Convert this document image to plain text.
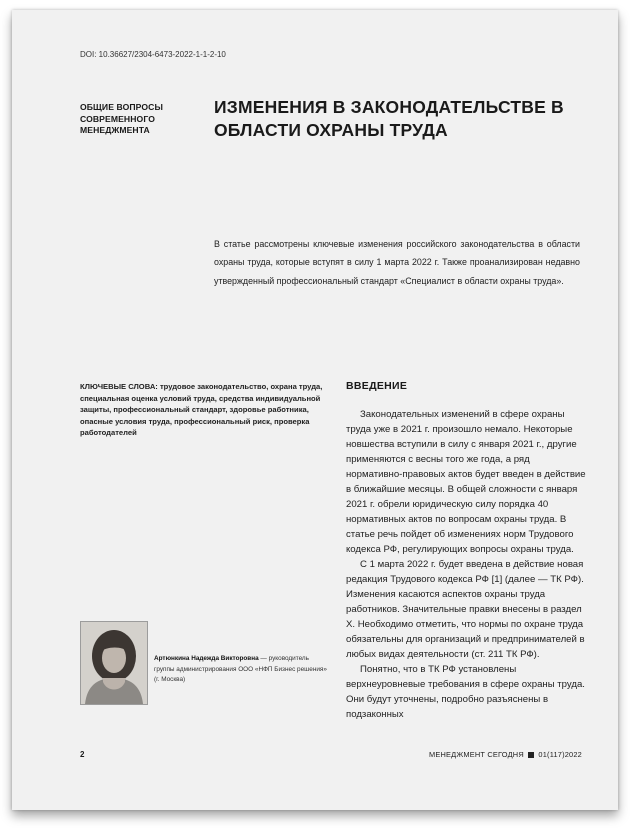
DOI: 10.36627/2304-6473-2022-1-1-2-10
ОБЩИЕ ВОПРОСЫ СОВРЕМЕННОГО МЕНЕДЖМЕНТА
ИЗМЕНЕНИЯ В ЗАКОНОДАТЕЛЬСТВЕ В ОБЛАСТИ ОХРАНЫ ТРУДА
В статье рассмотрены ключевые изменения российского законодательства в области охраны труда, которые вступят в силу 1 марта 2022 г. Также проанализирован недавно утвержденный профессиональный стандарт «Специалист в области охраны труда».
КЛЮЧЕВЫЕ СЛОВА: трудовое законодательство, охрана труда, специальная оценка условий труда, средства индивидуальной защиты, профессиональный стандарт, здоровье работника, опасные условия труда, профессиональный риск, проверка работодателей
ВВЕДЕНИЕ

Законодательных изменений в сфере охраны труда уже в 2021 г. произошло немало. Некоторые новшества вступили в силу с января 2021 г., другие применяются с весны того же года, а ряд нормативно-правовых актов будет введен в действие в ближайшие месяцы. В общей сложности с января 2021 г. обрели юридическую силу порядка 40 нормативных актов по вопросам охраны труда. В статье речь пойдет об изменениях норм Трудового кодекса РФ, регулирующих вопросы охраны труда.

С 1 марта 2022 г. будет введена в действие новая редакция Трудового кодекса РФ [1] (далее — ТК РФ). Изменения касаются аспектов охраны труда работников. Значительные правки внесены в раздел X. Необходимо отметить, что нормы по охране труда обязательны для организаций и предпринимателей в любых видах деятельности (ст. 211 ТК РФ).

Понятно, что в ТК РФ установлены верхнеуровневые требования в сфере охраны труда. Они будут уточнены, подробно разъяснены в подзаконных

Артюнкина Надежда Викторовна — руководитель группы администрирования ООО «НФП Бизнес решения» (г. Москва)
2	МЕНЕДЖМЕНТ СЕГОДНЯ 01(117)2022
